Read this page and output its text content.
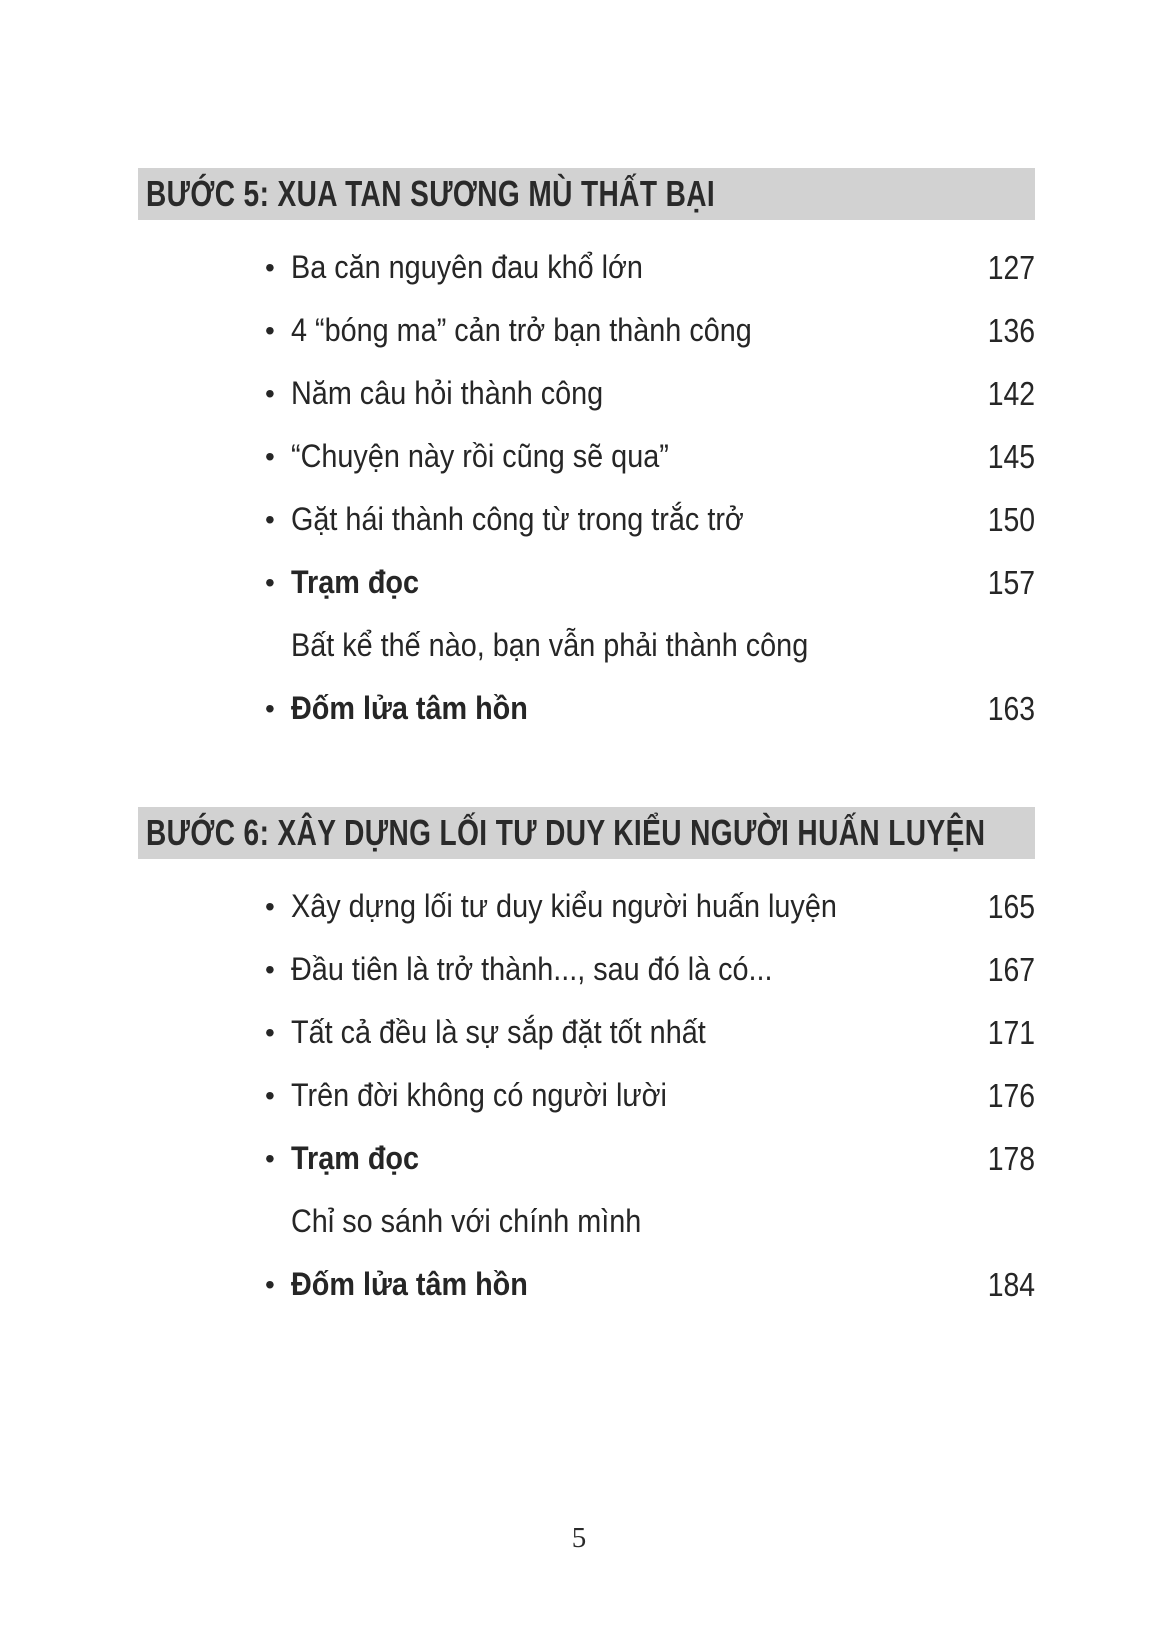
BƯỚC 5: XUA TAN SƯƠNG MÙ THẤT BẠI
• Ba căn nguyên đau khổ lớn	127
• 4 “bóng ma” cản trở bạn thành công	136
• Năm câu hỏi thành công	142
• “Chuyện này rồi cũng sẽ qua”	145
• Gặt hái thành công từ trong trắc trở	150
• Trạm đọc	157
Bất kể thế nào, bạn vẫn phải thành công
• Đốm lửa tâm hồn	163
BƯỚC 6: XÂY DỰNG LỐI TƯ DUY KIỂU NGƯỜI HUẤN LUYỆN
• Xây dựng lối tư duy kiểu người huấn luyện	165
• Đầu tiên là trở thành..., sau đó là có...	167
• Tất cả đều là sự sắp đặt tốt nhất	171
• Trên đời không có người lười	176
• Trạm đọc	178
Chỉ so sánh với chính mình
• Đốm lửa tâm hồn	184
5
